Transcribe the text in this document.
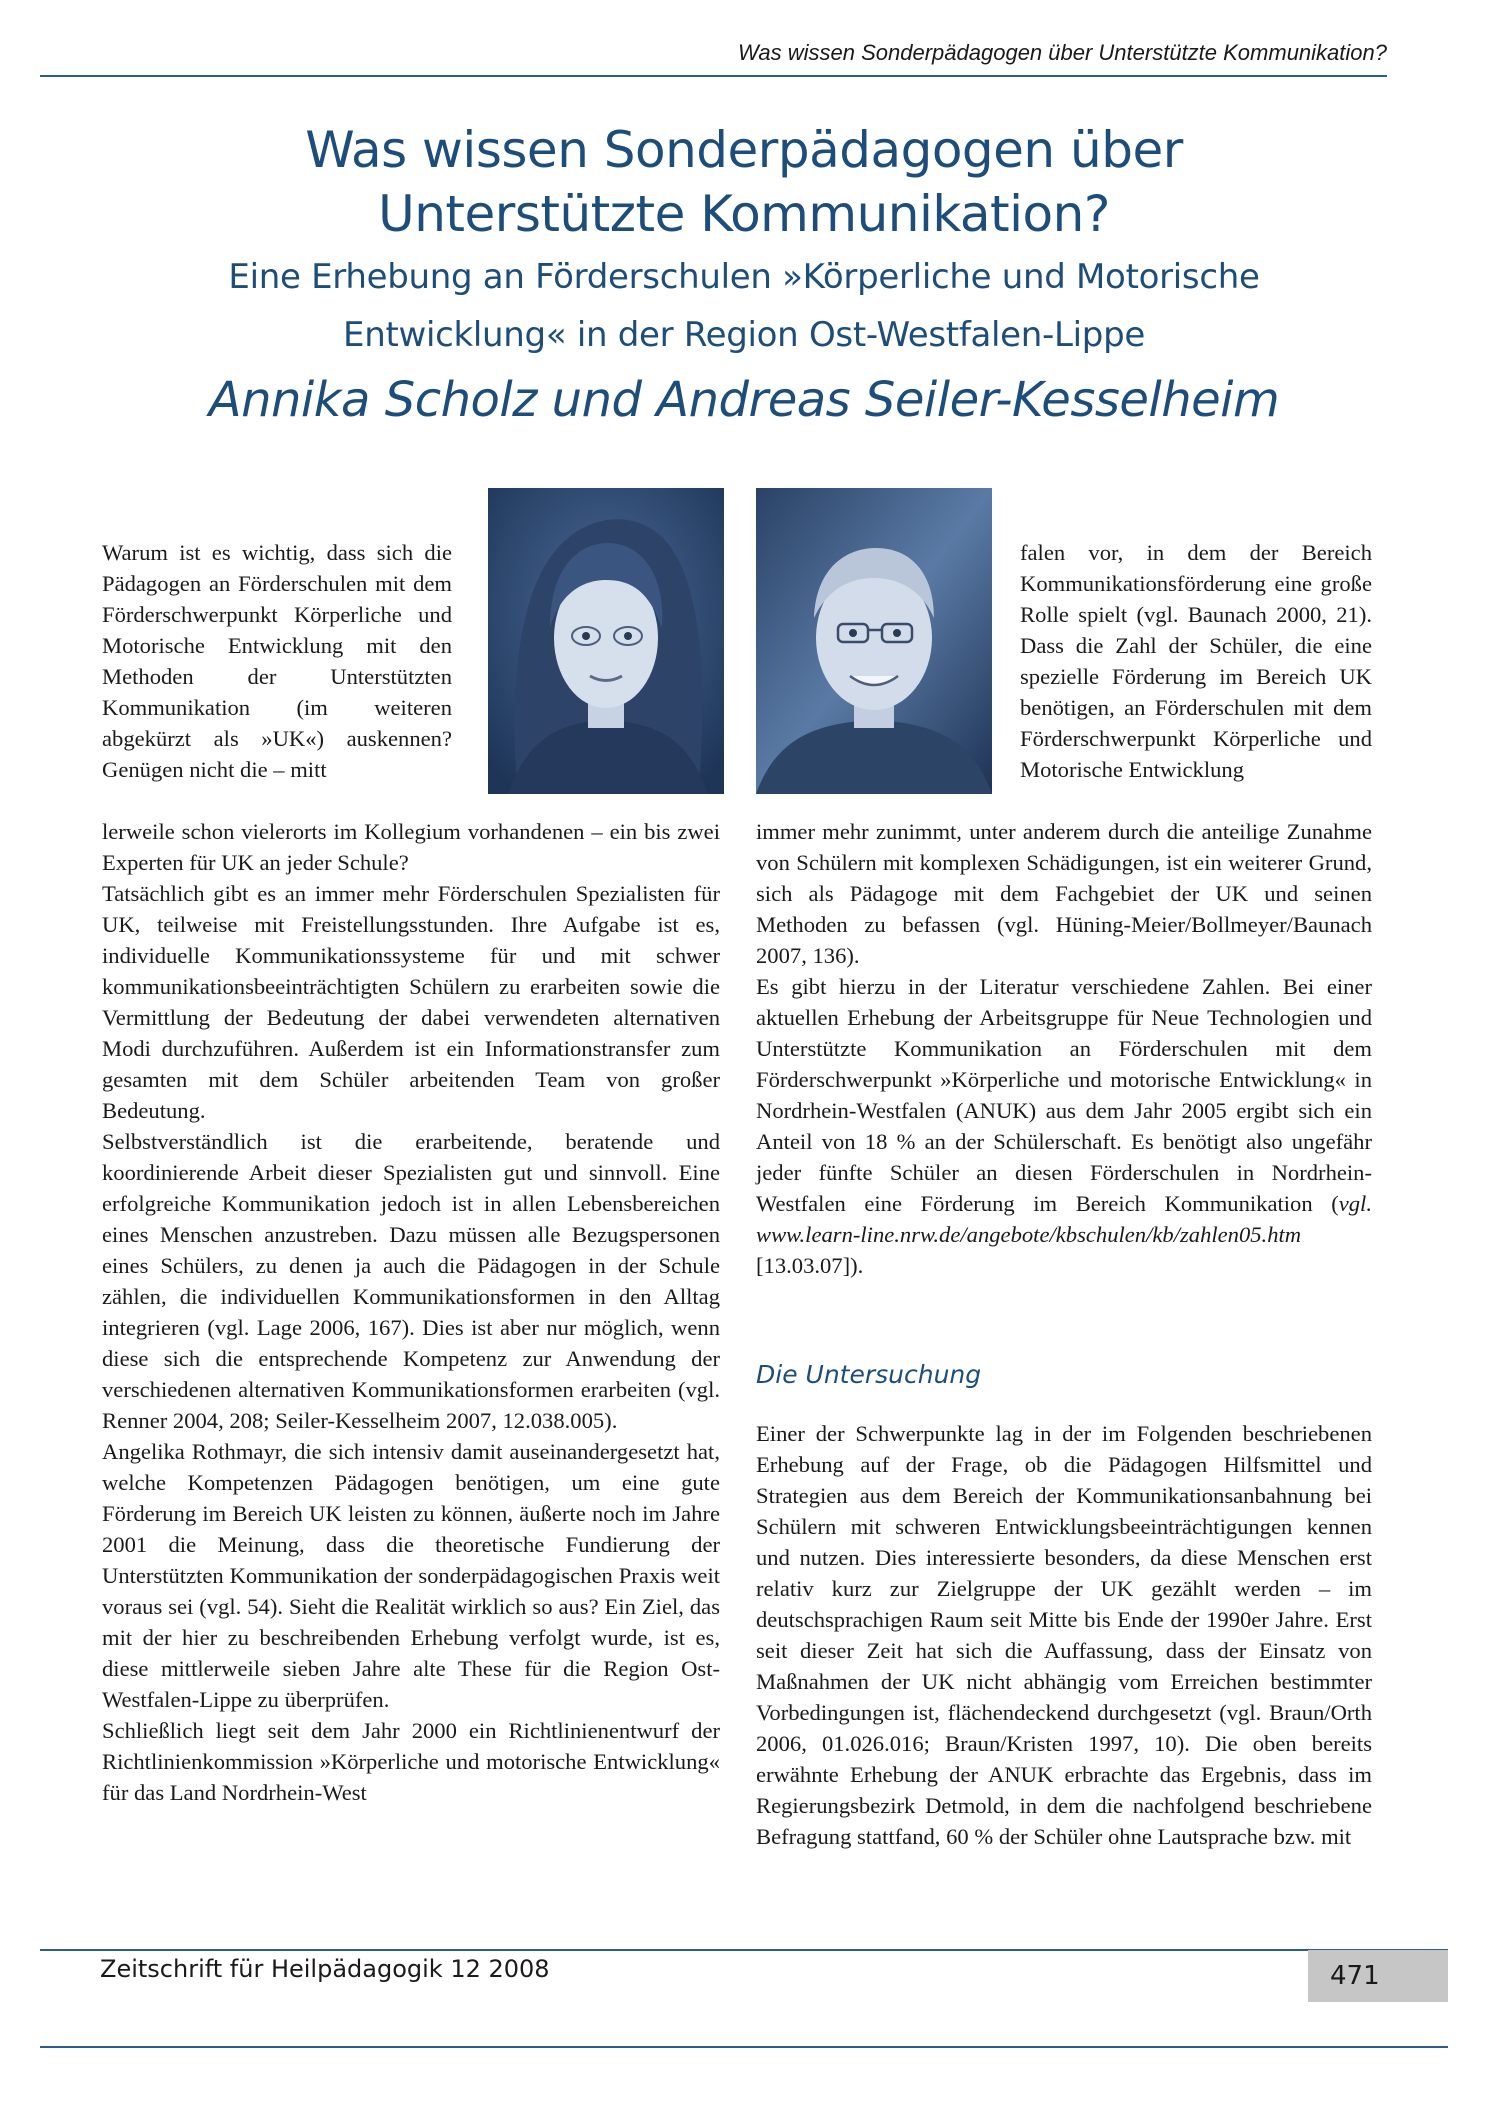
Was wissen Sonderpädagogen über Unterstützte Kommunikation?
Was wissen Sonderpädagogen über
Unterstützte Kommunikation?
Eine Erhebung an Förderschulen »Körperliche und Motorische
Entwicklung« in der Region Ost-Westfalen-Lippe
Annika Scholz und Andreas Seiler-Kesselheim

Warum ist es wichtig, dass sich die Pädagogen an Förderschulen mit dem Förderschwerpunkt Körperliche und Motorische Entwicklung mit den Methoden der Unterstützten Kommunikation (im weiteren abgekürzt als »UK«) auskennen? Genügen nicht die – mitt

lerweile schon vielerorts im Kollegium vorhandenen – ein bis zwei Experten für UK an jeder Schule?

Tatsächlich gibt es an immer mehr Förderschulen Spezialisten für UK, teilweise mit Freistellungsstunden. Ihre Aufgabe ist es, individuelle Kommunikationssysteme für und mit schwer kommunikationsbeeinträchtigten Schülern zu erarbeiten sowie die Vermittlung der Bedeutung der dabei verwendeten alternativen Modi durchzuführen. Außerdem ist ein Informationstransfer zum gesamten mit dem Schüler arbeitenden Team von großer Bedeutung.

Selbstverständlich ist die erarbeitende, beratende und koordinierende Arbeit dieser Spezialisten gut und sinnvoll. Eine erfolgreiche Kommunikation jedoch ist in allen Lebensbereichen eines Menschen anzustreben. Dazu müssen alle Bezugspersonen eines Schülers, zu denen ja auch die Pädagogen in der Schule zählen, die individuellen Kommunikationsformen in den Alltag integrieren (vgl. Lage 2006, 167). Dies ist aber nur möglich, wenn diese sich die entsprechende Kompetenz zur Anwendung der verschiedenen alternativen Kommunikationsformen erarbeiten (vgl. Renner 2004, 208; Seiler-Kesselheim 2007, 12.038.005).

Angelika Rothmayr, die sich intensiv damit auseinandergesetzt hat, welche Kompetenzen Pädagogen benötigen, um eine gute Förderung im Bereich UK leisten zu können, äußerte noch im Jahre 2001 die Meinung, dass die theoretische Fundierung der Unterstützten Kommunikation der sonderpädagogischen Praxis weit voraus sei (vgl. 54). Sieht die Realität wirklich so aus? Ein Ziel, das mit der hier zu beschreibenden Erhebung verfolgt wurde, ist es, diese mittlerweile sieben Jahre alte These für die Region Ost-Westfalen-Lippe zu überprüfen.

Schließlich liegt seit dem Jahr 2000 ein Richtlinienentwurf der Richtlinienkommission »Körperliche und motorische Entwicklung« für das Land Nordrhein-West

falen vor, in dem der Bereich Kommunikationsförderung eine große Rolle spielt (vgl. Baunach 2000, 21). Dass die Zahl der Schüler, die eine spezielle Förderung im Bereich UK benötigen, an Förderschulen mit dem Förderschwerpunkt Körperliche und Motorische Entwicklung

immer mehr zunimmt, unter anderem durch die anteilige Zunahme von Schülern mit komplexen Schädigungen, ist ein weiterer Grund, sich als Pädagoge mit dem Fachgebiet der UK und seinen Methoden zu befassen (vgl. Hüning-Meier/Bollmeyer/Baunach 2007, 136).

Es gibt hierzu in der Literatur verschiedene Zahlen. Bei einer aktuellen Erhebung der Arbeitsgruppe für Neue Technologien und Unterstützte Kommunikation an Förderschulen mit dem Förderschwerpunkt »Körperliche und motorische Entwicklung« in Nordrhein-Westfalen (ANUK) aus dem Jahr 2005 ergibt sich ein Anteil von 18 % an der Schülerschaft. Es benötigt also ungefähr jeder fünfte Schüler an diesen Förderschulen in Nordrhein-Westfalen eine Förderung im Bereich Kommunikation (vgl. www.learn-line.nrw.de/angebote/kbschulen/kb/zahlen05.htm [13.03.07]).

Die Untersuchung

Einer der Schwerpunkte lag in der im Folgenden beschriebenen Erhebung auf der Frage, ob die Pädagogen Hilfsmittel und Strategien aus dem Bereich der Kommunikationsanbahnung bei Schülern mit schweren Entwicklungsbeeinträchtigungen kennen und nutzen. Dies interessierte besonders, da diese Menschen erst relativ kurz zur Zielgruppe der UK gezählt werden – im deutschsprachigen Raum seit Mitte bis Ende der 1990er Jahre. Erst seit dieser Zeit hat sich die Auffassung, dass der Einsatz von Maßnahmen der UK nicht abhängig vom Erreichen bestimmter Vorbedingungen ist, flächendeckend durchgesetzt (vgl. Braun/Orth 2006, 01.026.016; Braun/Kristen 1997, 10). Die oben bereits erwähnte Erhebung der ANUK erbrachte das Ergebnis, dass im Regierungsbezirk Detmold, in dem die nachfolgend beschriebene Befragung stattfand, 60 % der Schüler ohne Lautsprache bzw. mit

Zeitschrift für Heilpädagogik 12 2008	471
